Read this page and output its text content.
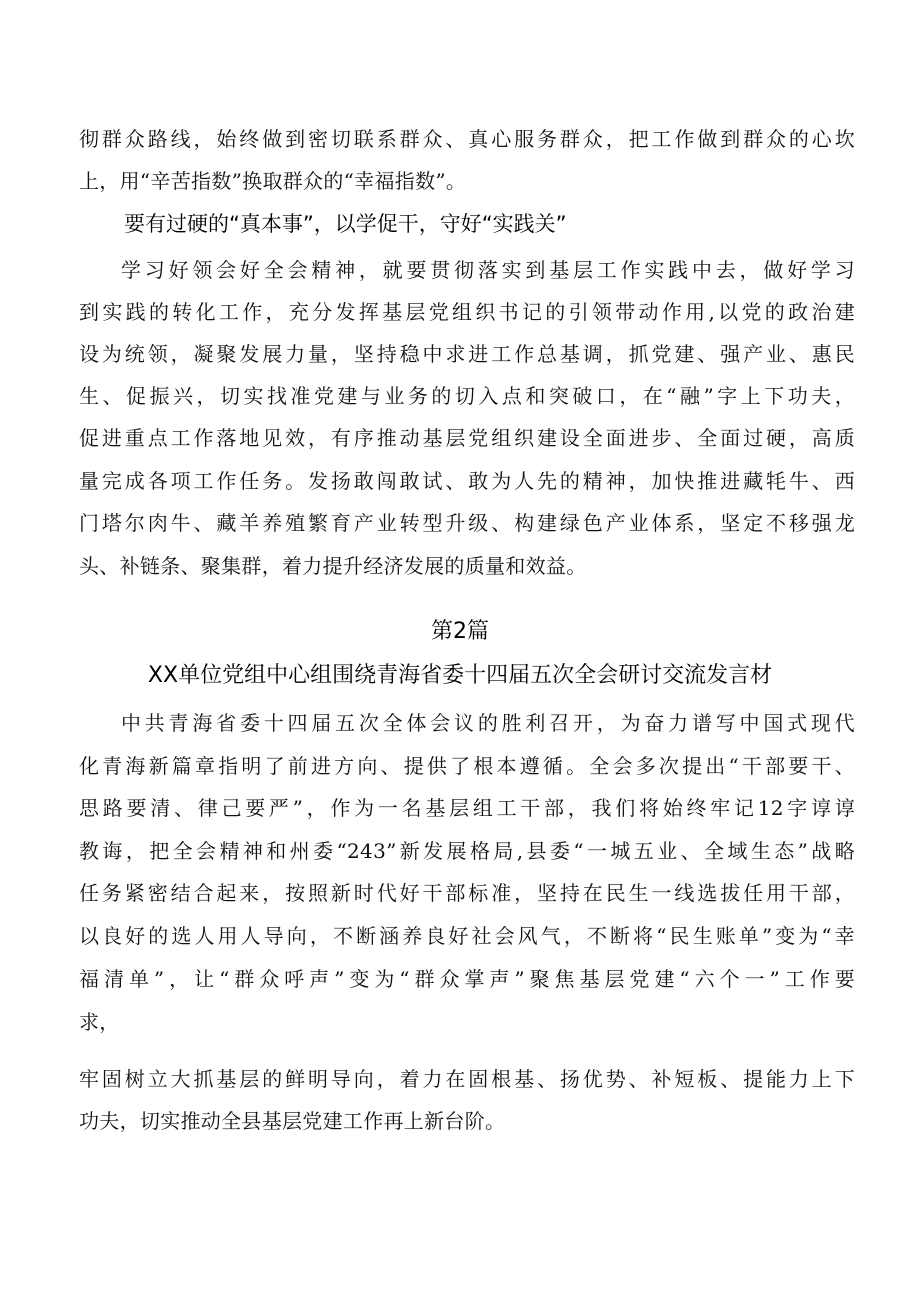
彻群众路线，始终做到密切联系群众、真心服务群众，把工作做到群众的心坎
上，用“辛苦指数”换取群众的“幸福指数”。
要有过硬的“真本事”，以学促干，守好“实践关”
学习好领会好全会精神，就要贯彻落实到基层工作实践中去，做好学习
到实践的转化工作，充分发挥基层党组织书记的引领带动作用,以党的政治建
设为统领，凝聚发展力量，坚持稳中求进工作总基调，抓党建、强产业、惠民
生、促振兴，切实找准党建与业务的切入点和突破口，在“融”字上下功夫，
促进重点工作落地见效，有序推动基层党组织建设全面进步、全面过硬，高质
量完成各项工作任务。发扬敢闯敢试、敢为人先的精神，加快推进藏牦牛、西
门塔尔肉牛、藏羊养殖繁育产业转型升级、构建绿色产业体系，坚定不移强龙
头、补链条、聚集群，着力提升经济发展的质量和效益。
第2篇
XX单位党组中心组围绕青海省委十四届五次全会研讨交流发言材
中共青海省委十四届五次全体会议的胜利召开，为奋力谱写中国式现代
化青海新篇章指明了前进方向、提供了根本遵循。全会多次提出“干部要干、
思路要清、律己要严”，作为一名基层组工干部，我们将始终牢记12字谆谆
教诲，把全会精神和州委“243”新发展格局,县委“一城五业、全域生态”战略
任务紧密结合起来，按照新时代好干部标准，坚持在民生一线选拔任用干部，
以良好的选人用人导向，不断涵养良好社会风气，不断将“民生账单”变为“幸
福清单”，让“群众呼声”变为“群众掌声”聚焦基层党建“六个一”工作要
求，
牢固树立大抓基层的鲜明导向，着力在固根基、扬优势、补短板、提能力上下
功夫，切实推动全县基层党建工作再上新台阶。
